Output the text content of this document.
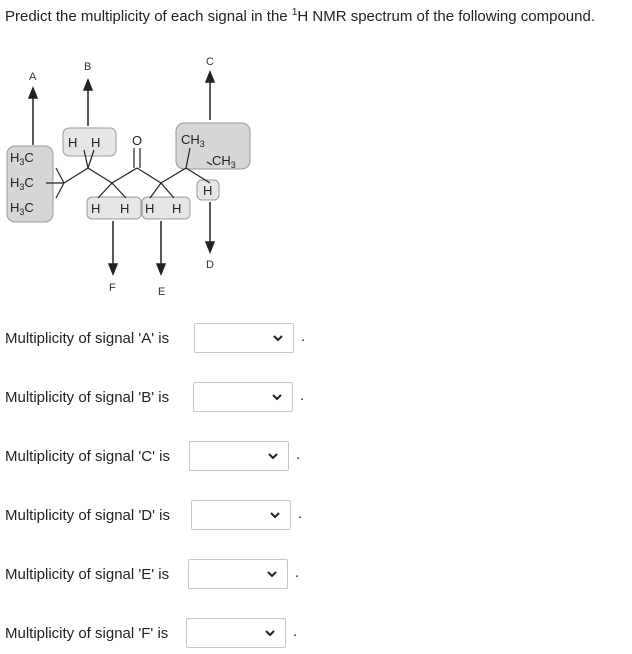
Predict the multiplicity of each signal in the $^1$H NMR spectrum of the following compound.
$H_3C$
$H_3C$
$H_3C$
H H O	$CH_3$
$CH_3$
H
H H H H
A
B	C
D
E
F
Multiplicity of signal 'A' is	.
Multiplicity of signal 'B' is	.
Multiplicity of signal 'C' is	.
Multiplicity of signal 'D' is	.
Multiplicity of signal 'E' is	.
Multiplicity of signal 'F' is	.
